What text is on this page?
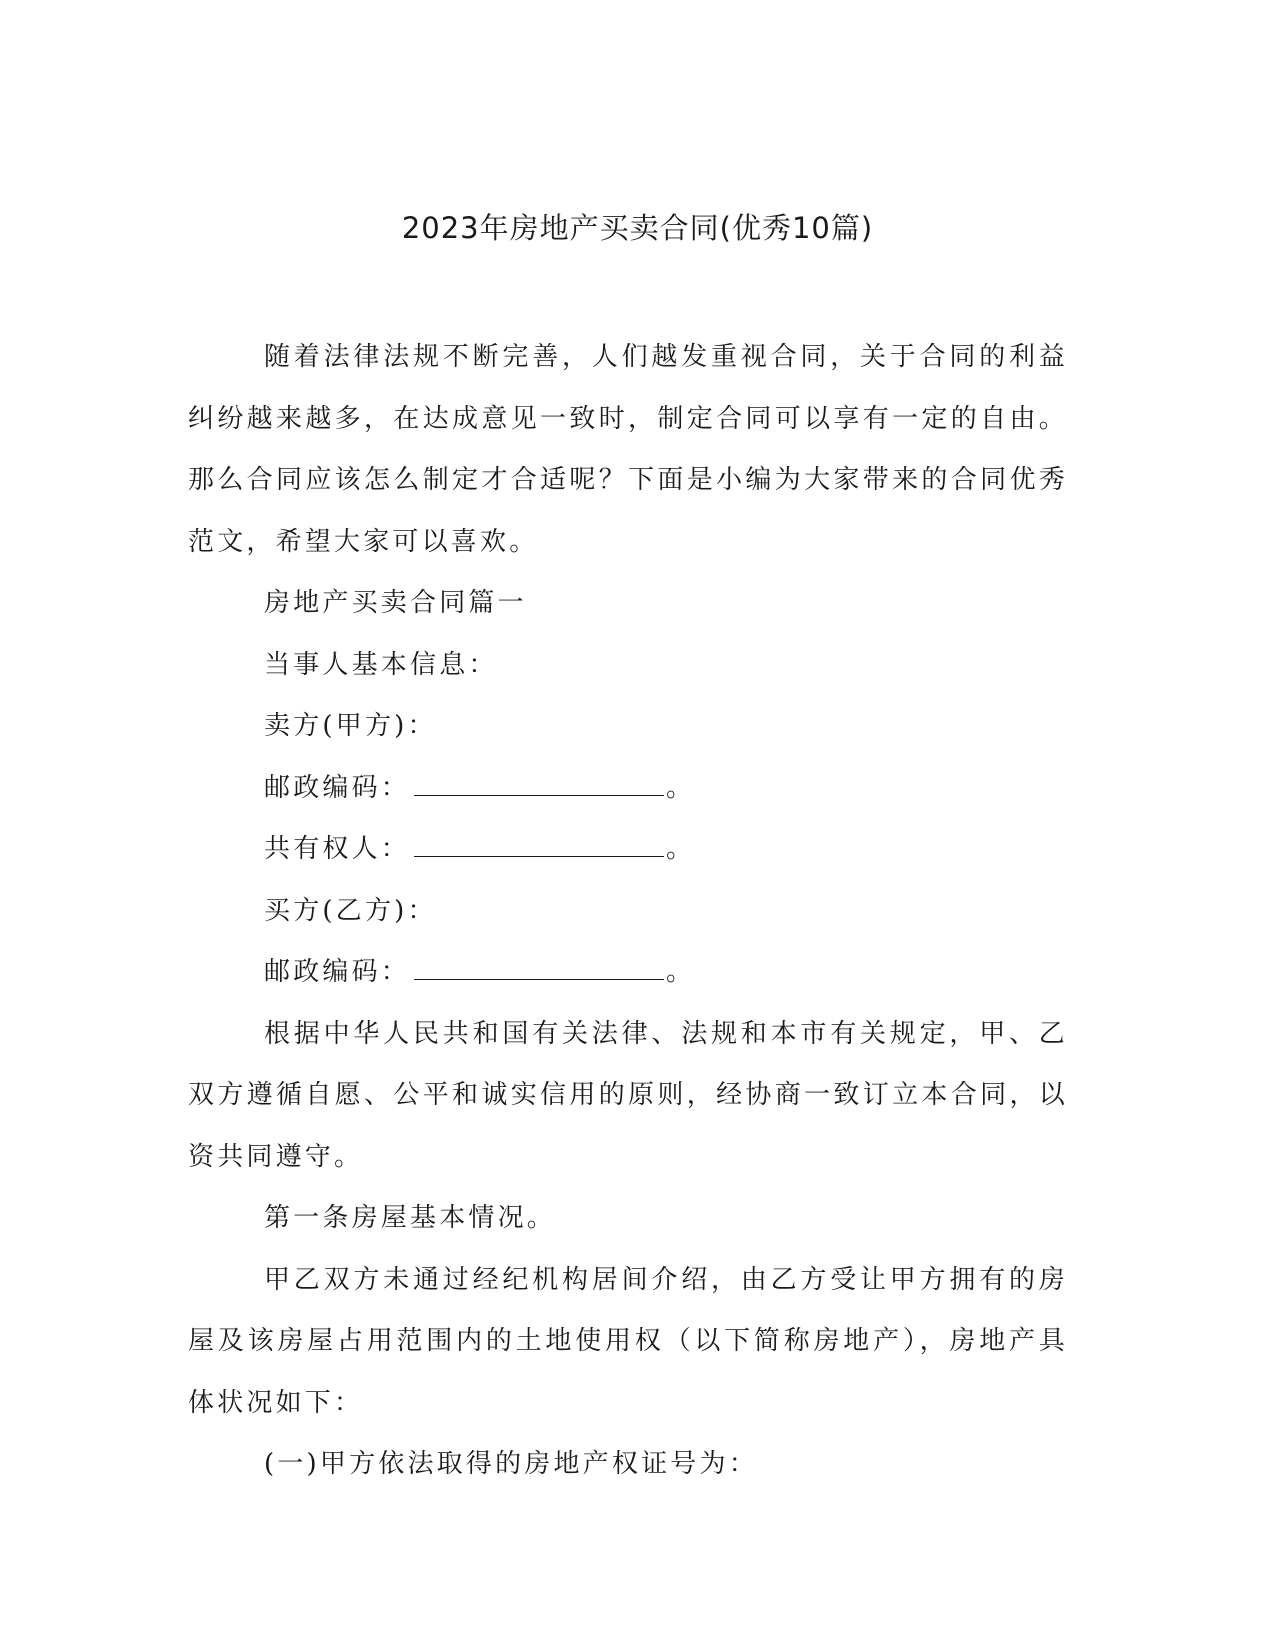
2023年房地产买卖合同(优秀10篇)

随着法律法规不断完善，人们越发重视合同，关于合同的利益纠纷越来越多，在达成意见一致时，制定合同可以享有一定的自由。那么合同应该怎么制定才合适呢？下面是小编为大家带来的合同优秀范文，希望大家可以喜欢。

房地产买卖合同篇一

当事人基本信息：

卖方(甲方)：

邮政编码：	。

共有权人：	。

买方(乙方)：

邮政编码：	。

根据中华人民共和国有关法律、法规和本市有关规定，甲、乙双方遵循自愿、公平和诚实信用的原则，经协商一致订立本合同，以资共同遵守。

第一条房屋基本情况。

甲乙双方未通过经纪机构居间介绍，由乙方受让甲方拥有的房屋及该房屋占用范围内的土地使用权（以下简称房地产），房地产具体状况如下：

(一)甲方依法取得的房地产权证号为：
